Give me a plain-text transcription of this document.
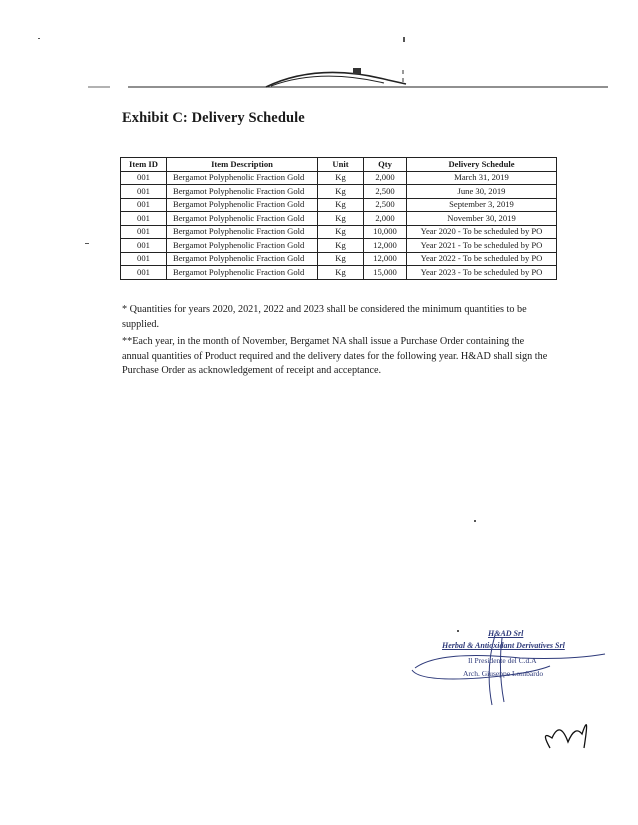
Exhibit C: Delivery Schedule
Item ID	Item Description	Unit	Qty	Delivery Schedule
001	Bergamot Polyphenolic Fraction Gold	Kg	2,000	March 31, 2019
001	Bergamot Polyphenolic Fraction Gold	Kg	2,500	June 30, 2019
001	Bergamot Polyphenolic Fraction Gold	Kg	2,500	September 3, 2019
001	Bergamot Polyphenolic Fraction Gold	Kg	2,000	November 30, 2019
001	Bergamot Polyphenolic Fraction Gold	Kg	10,000	Year 2020 - To be scheduled by PO
001	Bergamot Polyphenolic Fraction Gold	Kg	12,000	Year 2021 - To be scheduled by PO
001	Bergamot Polyphenolic Fraction Gold	Kg	12,000	Year 2022 - To be scheduled by PO
001	Bergamot Polyphenolic Fraction Gold	Kg	15,000	Year 2023 - To be scheduled by PO
* Quantities for years 2020, 2021, 2022 and 2023 shall be considered the minimum quantities to be supplied.
**Each year, in the month of November, Bergamet NA shall issue a Purchase Order containing the annual quantities of Product required and the delivery dates for the following year. H&AD shall sign the Purchase Order as acknowledgement of receipt and acceptance.
H&AD Srl
Herbal & Antioxidant Derivatives Srl
Il Presidente del C.d.A
Arch. Giuseppe Lombardo
